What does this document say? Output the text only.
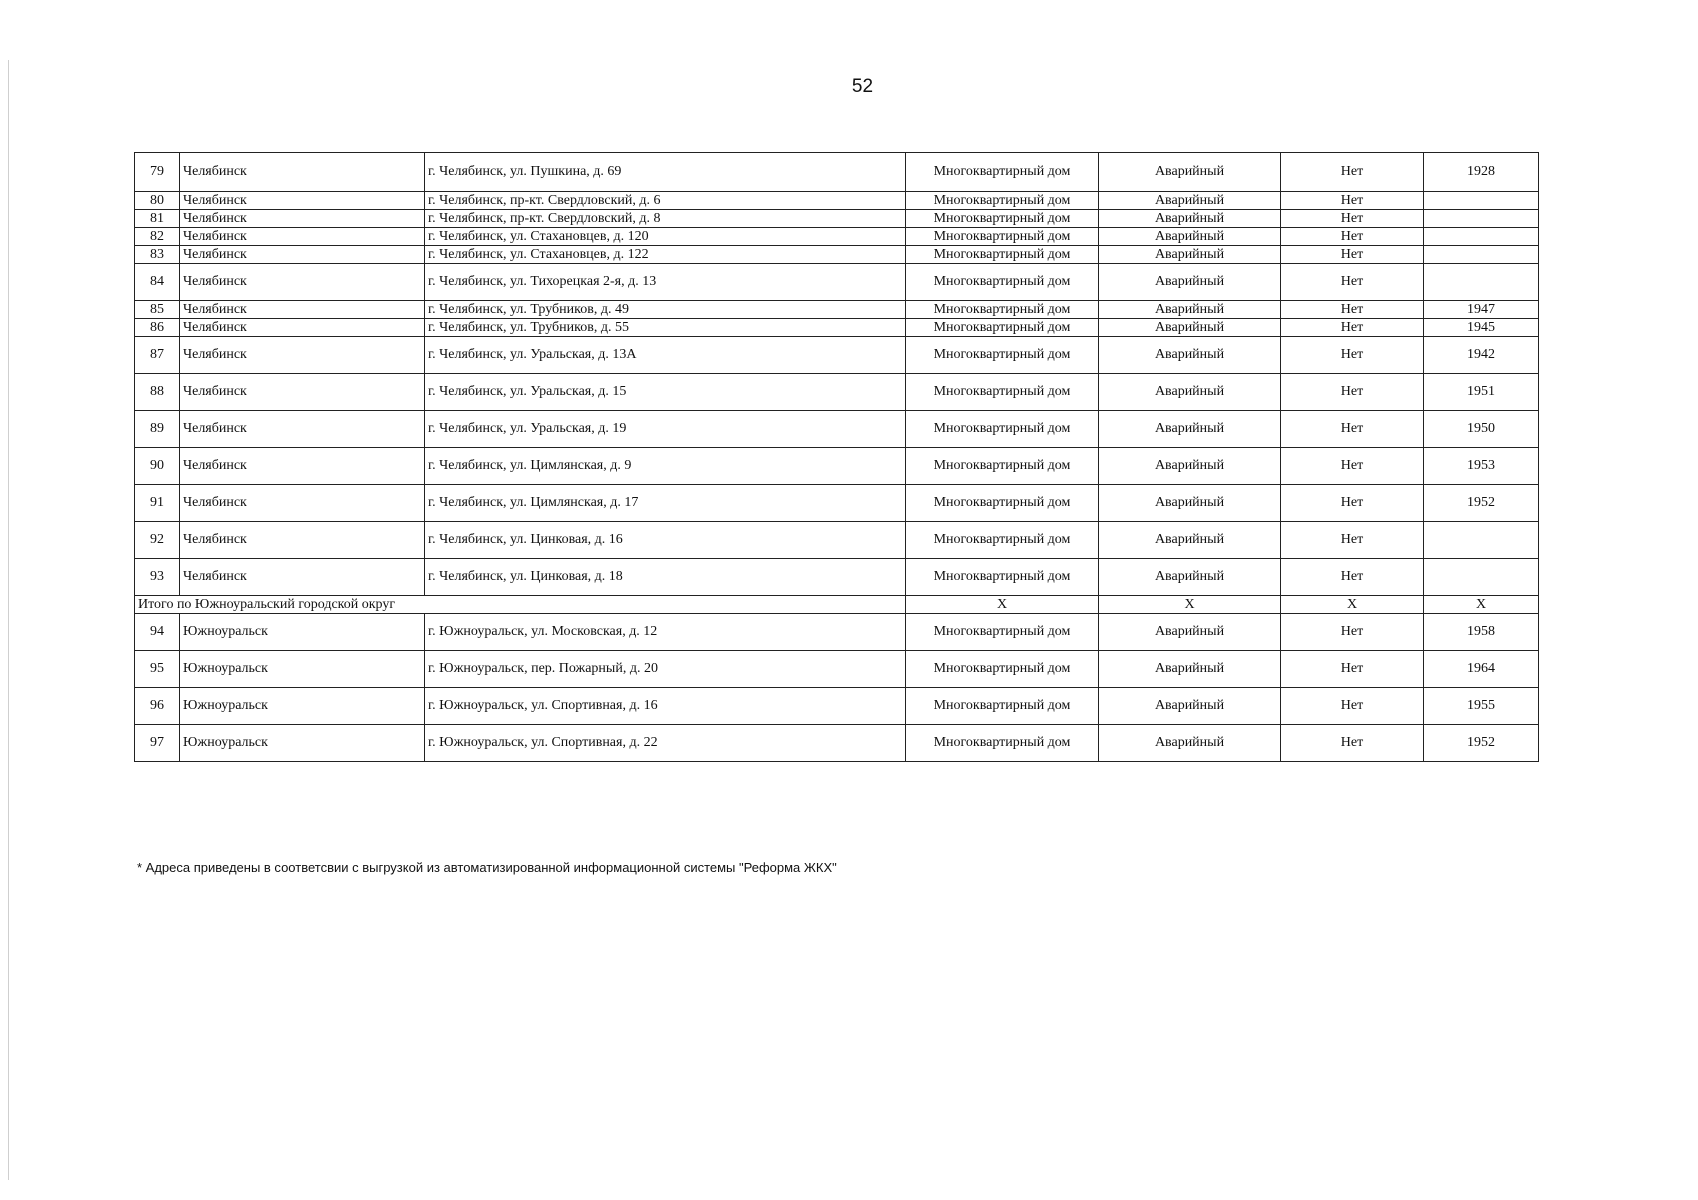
52
79	Челябинск	г. Челябинск, ул. Пушкина, д. 69	Многоквартирный дом	Аварийный	Нет	1928
80	Челябинск	г. Челябинск, пр-кт. Свердловский, д. 6	Многоквартирный дом	Аварийный	Нет	
81	Челябинск	г. Челябинск, пр-кт. Свердловский, д. 8	Многоквартирный дом	Аварийный	Нет	
82	Челябинск	г. Челябинск, ул. Стахановцев, д. 120	Многоквартирный дом	Аварийный	Нет	
83	Челябинск	г. Челябинск, ул. Стахановцев, д. 122	Многоквартирный дом	Аварийный	Нет	
84	Челябинск	г. Челябинск, ул. Тихорецкая 2-я, д. 13	Многоквартирный дом	Аварийный	Нет	
85	Челябинск	г. Челябинск, ул. Трубников, д. 49	Многоквартирный дом	Аварийный	Нет	1947
86	Челябинск	г. Челябинск, ул. Трубников, д. 55	Многоквартирный дом	Аварийный	Нет	1945
87	Челябинск	г. Челябинск, ул. Уральская, д. 13А	Многоквартирный дом	Аварийный	Нет	1942
88	Челябинск	г. Челябинск, ул. Уральская, д. 15	Многоквартирный дом	Аварийный	Нет	1951
89	Челябинск	г. Челябинск, ул. Уральская, д. 19	Многоквартирный дом	Аварийный	Нет	1950
90	Челябинск	г. Челябинск, ул. Цимлянская, д. 9	Многоквартирный дом	Аварийный	Нет	1953
91	Челябинск	г. Челябинск, ул. Цимлянская, д. 17	Многоквартирный дом	Аварийный	Нет	1952
92	Челябинск	г. Челябинск, ул. Цинковая, д. 16	Многоквартирный дом	Аварийный	Нет	
93	Челябинск	г. Челябинск, ул. Цинковая, д. 18	Многоквартирный дом	Аварийный	Нет	
Итого по Южноуральский городской округ			Х	Х	Х	Х
94	Южноуральск	г. Южноуральск, ул. Московская, д. 12	Многоквартирный дом	Аварийный	Нет	1958
95	Южноуральск	г. Южноуральск, пер. Пожарный, д. 20	Многоквартирный дом	Аварийный	Нет	1964
96	Южноуральск	г. Южноуральск, ул. Спортивная, д. 16	Многоквартирный дом	Аварийный	Нет	1955
97	Южноуральск	г. Южноуральск, ул. Спортивная, д. 22	Многоквартирный дом	Аварийный	Нет	1952
* Адреса приведены в соответсвии с выгрузкой из автоматизированной информационной системы "Реформа ЖКХ"
